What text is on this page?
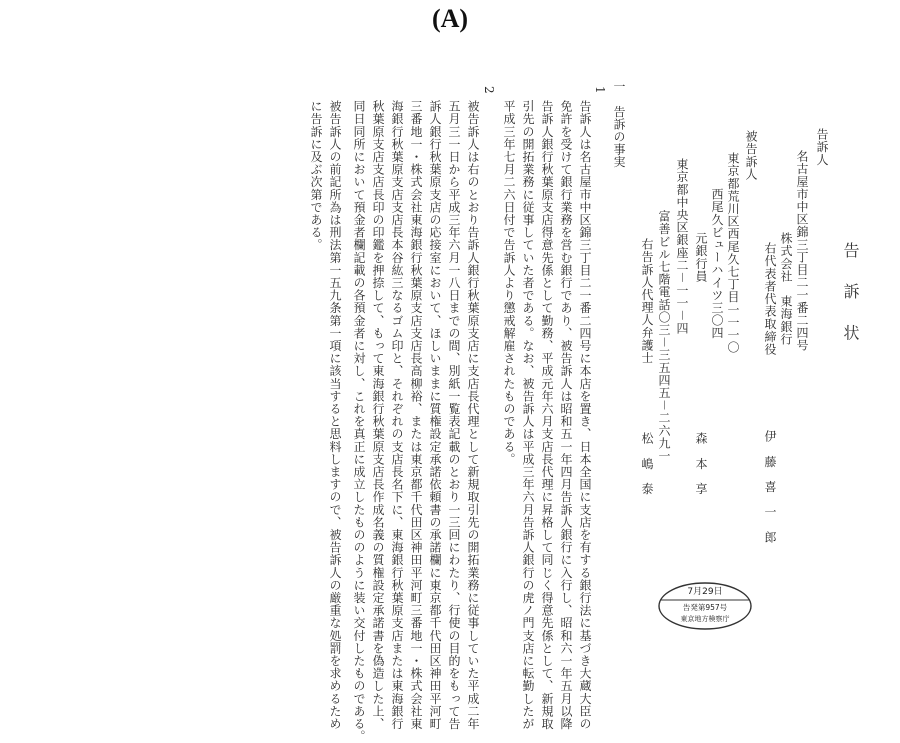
(A)
告 訴 状
告訴人
名古屋市中区錦三丁目二一番二四号
株式会社　東海銀行
右代表者代表取締役
伊　藤　喜　一　郎
被告訴人
東京都荒川区西尾久七丁目一一一〇
西尾久ビューハイツ三〇四
元銀行員
森　本　享
東京都中央区銀座二－一一－四
富善ビル七階電話〇三－三五四五－二六九一
右告訴人代理人弁護士
松　嶋　泰
一　告訴の事実
1
告訴人は名古屋市中区錦三丁目二一番二四号に本店を置き、日本全国に支店を有する銀行法に基づき大蔵大臣の
免許を受けて銀行業務を営む銀行であり、被告訴人は昭和五一年四月告訴人銀行に入行し、昭和六一年五月以降
告訴人銀行秋葉原支店得意先係として勤務、平成元年六月支店長代理に昇格して同じく得意先係として、新規取
引先の開拓業務に従事していた者である。なお、被告訴人は平成三年六月告訴人銀行の虎ノ門支店に転勤したが
平成三年七月二六日付で告訴人より懲戒解雇されたものである。
2
被告訴人は右のとおり告訴人銀行秋葉原支店に支店長代理として新規取引先の開拓業務に従事していた平成二年
五月三一日から平成三年六月一八日までの間、別紙一覧表記載のとおり一三回にわたり、行使の目的をもって告
訴人銀行秋葉原支店の応接室において、ほしいままに質権設定承諾依頼書の承諾欄に東京都千代田区神田平河町
三番地一・株式会社東海銀行秋葉原支店支店長高柳裕、または東京都千代田区神田平河町三番地一・株式会社東
海銀行秋葉原支店支店長本谷紘三なるゴム印と、それぞれの支店長名下に、東海銀行秋葉原支店または東海銀行
秋葉原支店支店長印の印鑑を押捺して、もって東海銀行秋葉原支店長作成名義の質権設定承諾書を偽造した上、
同日同所において預金者欄記載の各預金者に対し、これを真正に成立したもののように装い交付したものである。
被告訴人の前記所為は刑法第一五九条第一項に該当すると思料しますので、被告訴人の厳重な処罰を求めるため
に告訴に及ぶ次第である。
7月29日
告発第957号
東京地方検察庁
